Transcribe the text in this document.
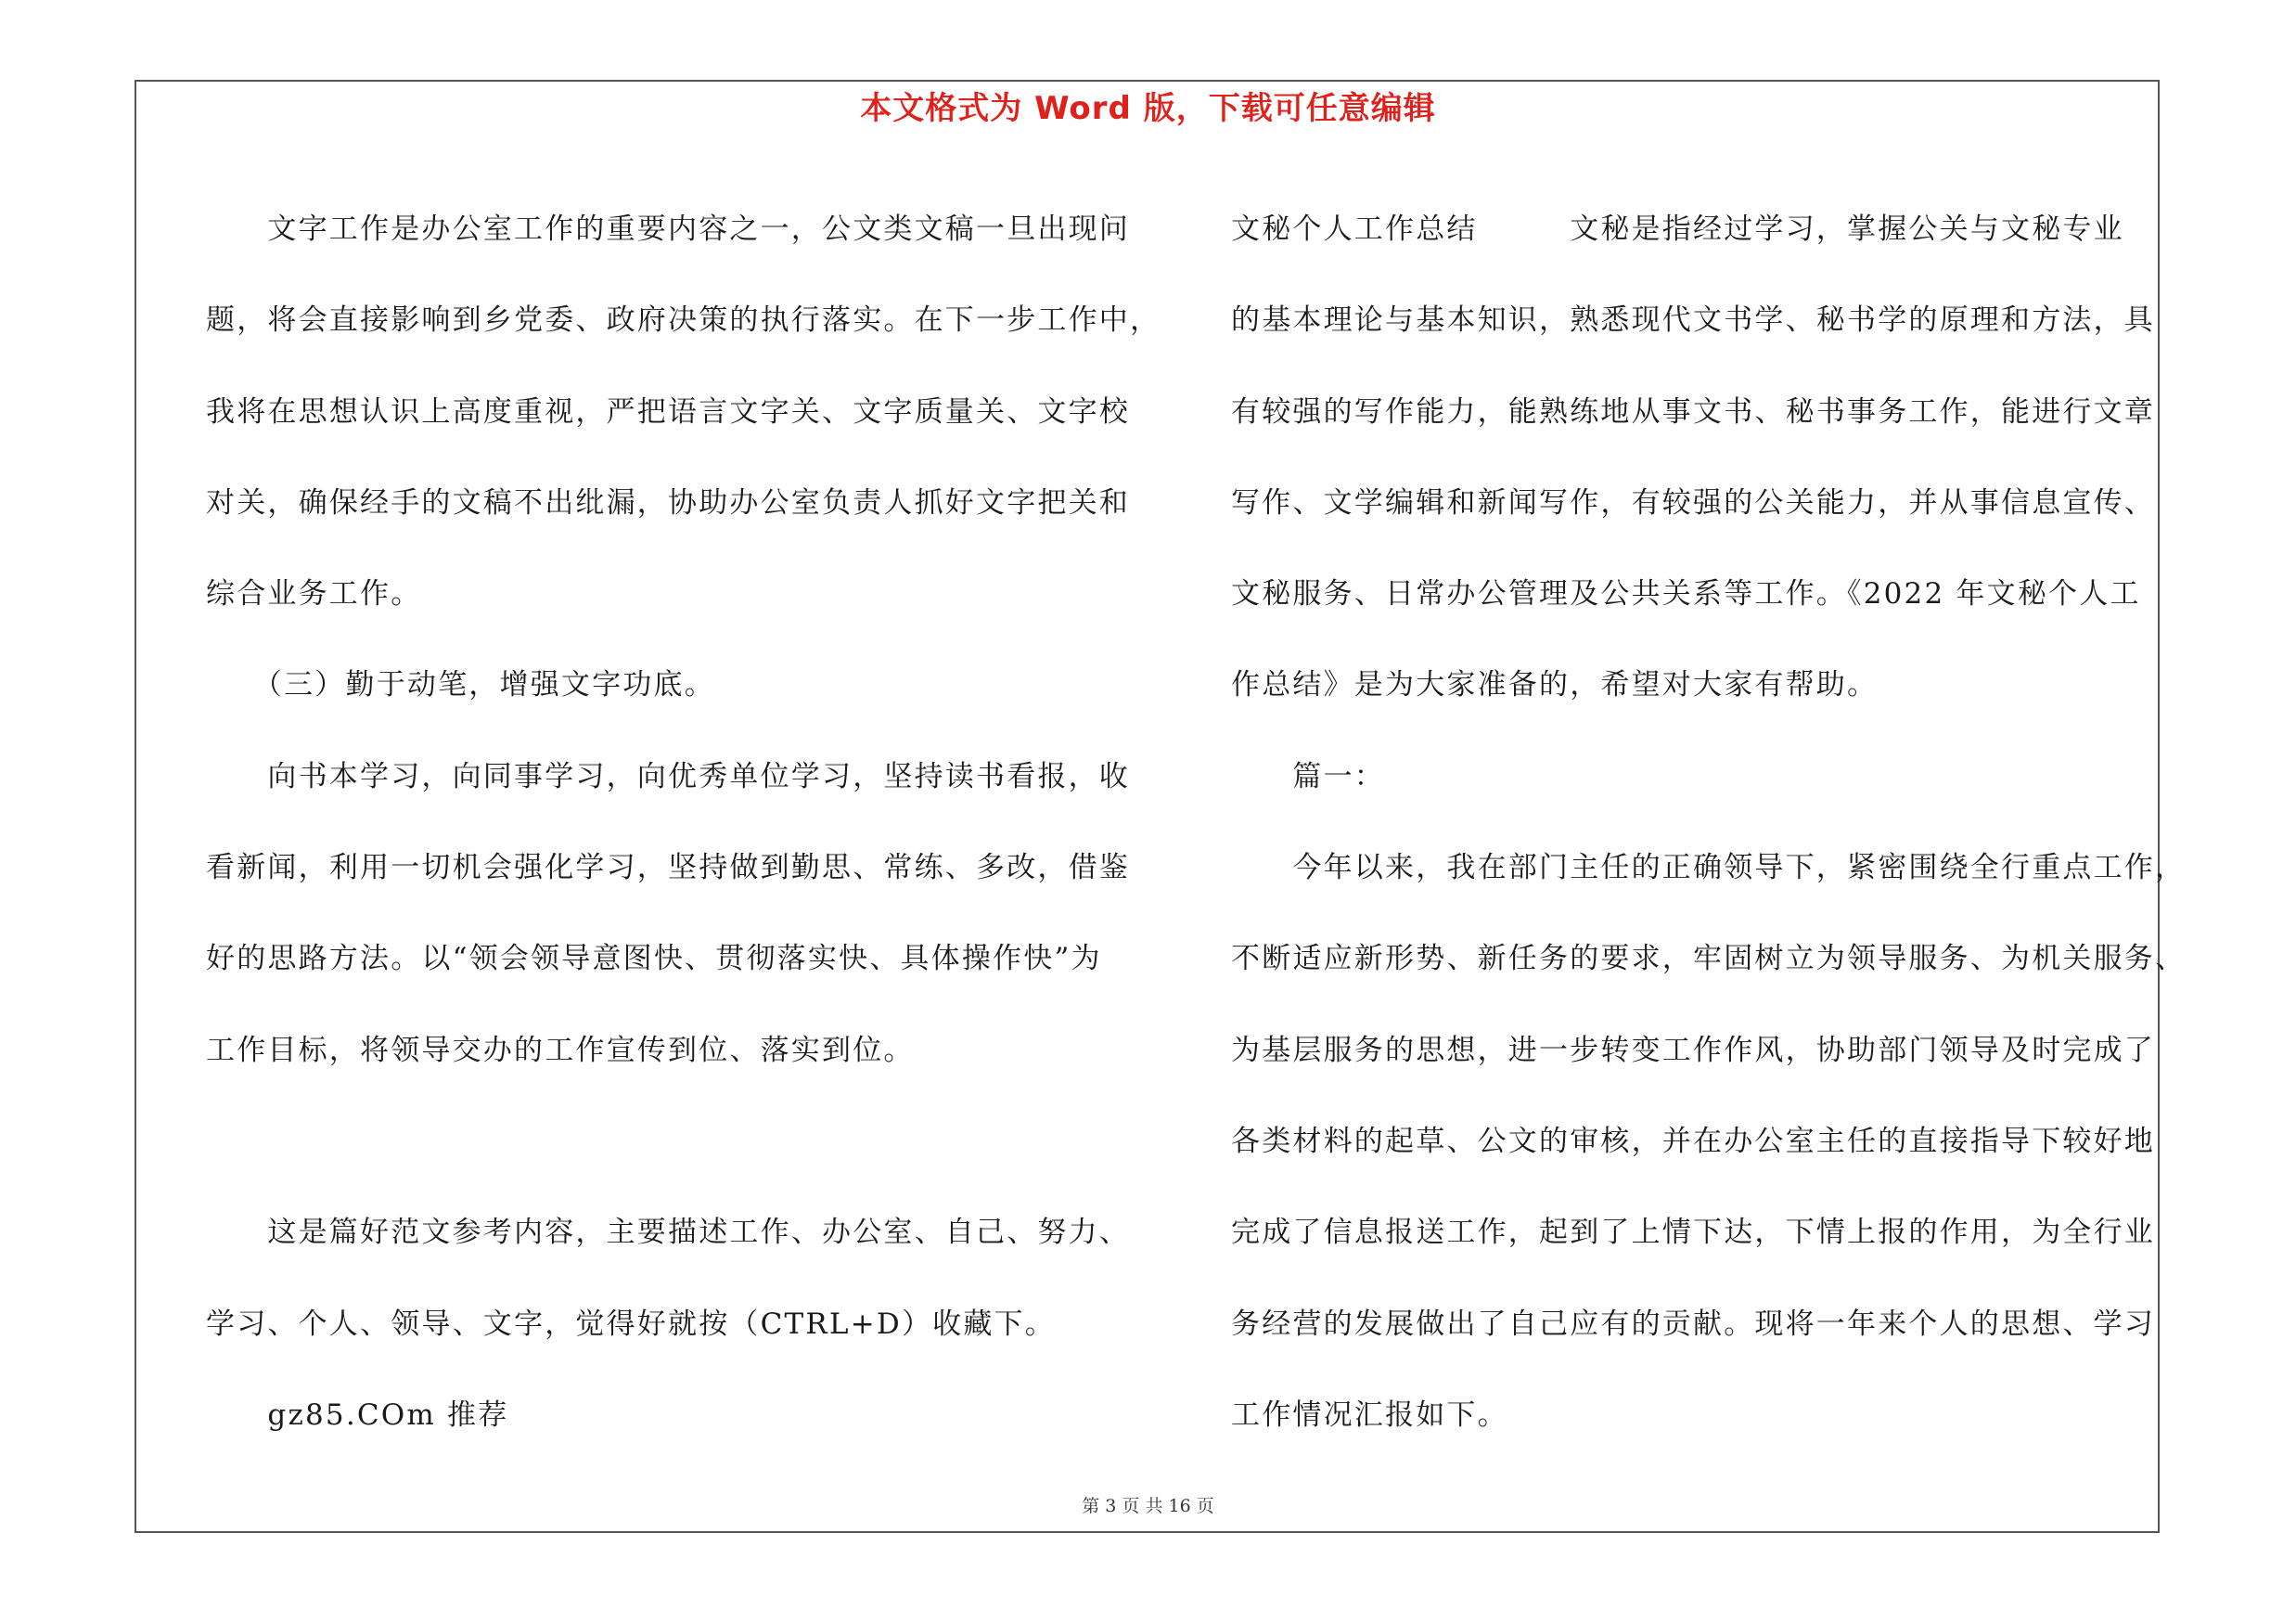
本文格式为 Word 版，下载可任意编辑
　　文字工作是办公室工作的重要内容之一，公文类文稿一旦出现问
题，将会直接影响到乡党委、政府决策的执行落实。在下一步工作中，
我将在思想认识上高度重视，严把语言文字关、文字质量关、文字校
对关，确保经手的文稿不出纰漏，协助办公室负责人抓好文字把关和
综合业务工作。
　　（三）勤于动笔，增强文字功底。
　　向书本学习，向同事学习，向优秀单位学习，坚持读书看报，收
看新闻，利用一切机会强化学习，坚持做到勤思、常练、多改，借鉴
好的思路方法。以“领会领导意图快、贯彻落实快、具体操作快”为
工作目标，将领导交办的工作宣传到位、落实到位。
　　这是篇好范文参考内容，主要描述工作、办公室、自己、努力、
学习、个人、领导、文字，觉得好就按（CTRL+D）收藏下。
　　gz85.COm 推荐
文秘个人工作总结　　　文秘是指经过学习，掌握公关与文秘专业
的基本理论与基本知识，熟悉现代文书学、秘书学的原理和方法，具
有较强的写作能力，能熟练地从事文书、秘书事务工作，能进行文章
写作、文学编辑和新闻写作，有较强的公关能力，并从事信息宣传、
文秘服务、日常办公管理及公共关系等工作。《2022 年文秘个人工
作总结》是为大家准备的，希望对大家有帮助。
　　篇一：
　　今年以来，我在部门主任的正确领导下，紧密围绕全行重点工作，
不断适应新形势、新任务的要求，牢固树立为领导服务、为机关服务、
为基层服务的思想，进一步转变工作作风，协助部门领导及时完成了
各类材料的起草、公文的审核，并在办公室主任的直接指导下较好地
完成了信息报送工作，起到了上情下达，下情上报的作用，为全行业
务经营的发展做出了自己应有的贡献。现将一年来个人的思想、学习
工作情况汇报如下。
第 3 页 共 16 页
